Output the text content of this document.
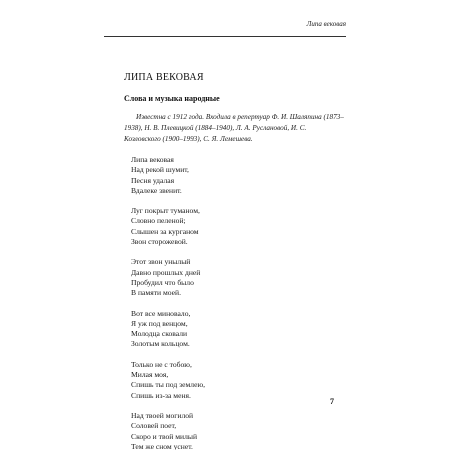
Липа вековая
ЛИПА ВЕКОВАЯ
Слова и музыка народные
Известна с 1912 года. Входила в репертуар Ф. И. Шаляпина (1873–1938), Н. В. Плевицкой (1884–1940), Л. А. Руслановой, И. С. Козловского (1900–1993), С. Я. Лемешева.
Липа вековая
Над рекой шумит,
Песня удалая
Вдалеке звенит.
Луг покрыт туманом,
Словно пеленой;
Слышен за курганом
Звон сторожевой.
Этот звон унылый
Давно прошлых дней
Пробудил что было
В памяти моей.
Вот все миновало,
Я уж под венцом,
Молодца сковали
Золотым кольцом.
Только не с тобою,
Милая моя,
Спишь ты под землею,
Спишь из-за меня.
Над твоей могилой
Соловей поет,
Скоро и твой милый
Тем же сном уснет.
7
